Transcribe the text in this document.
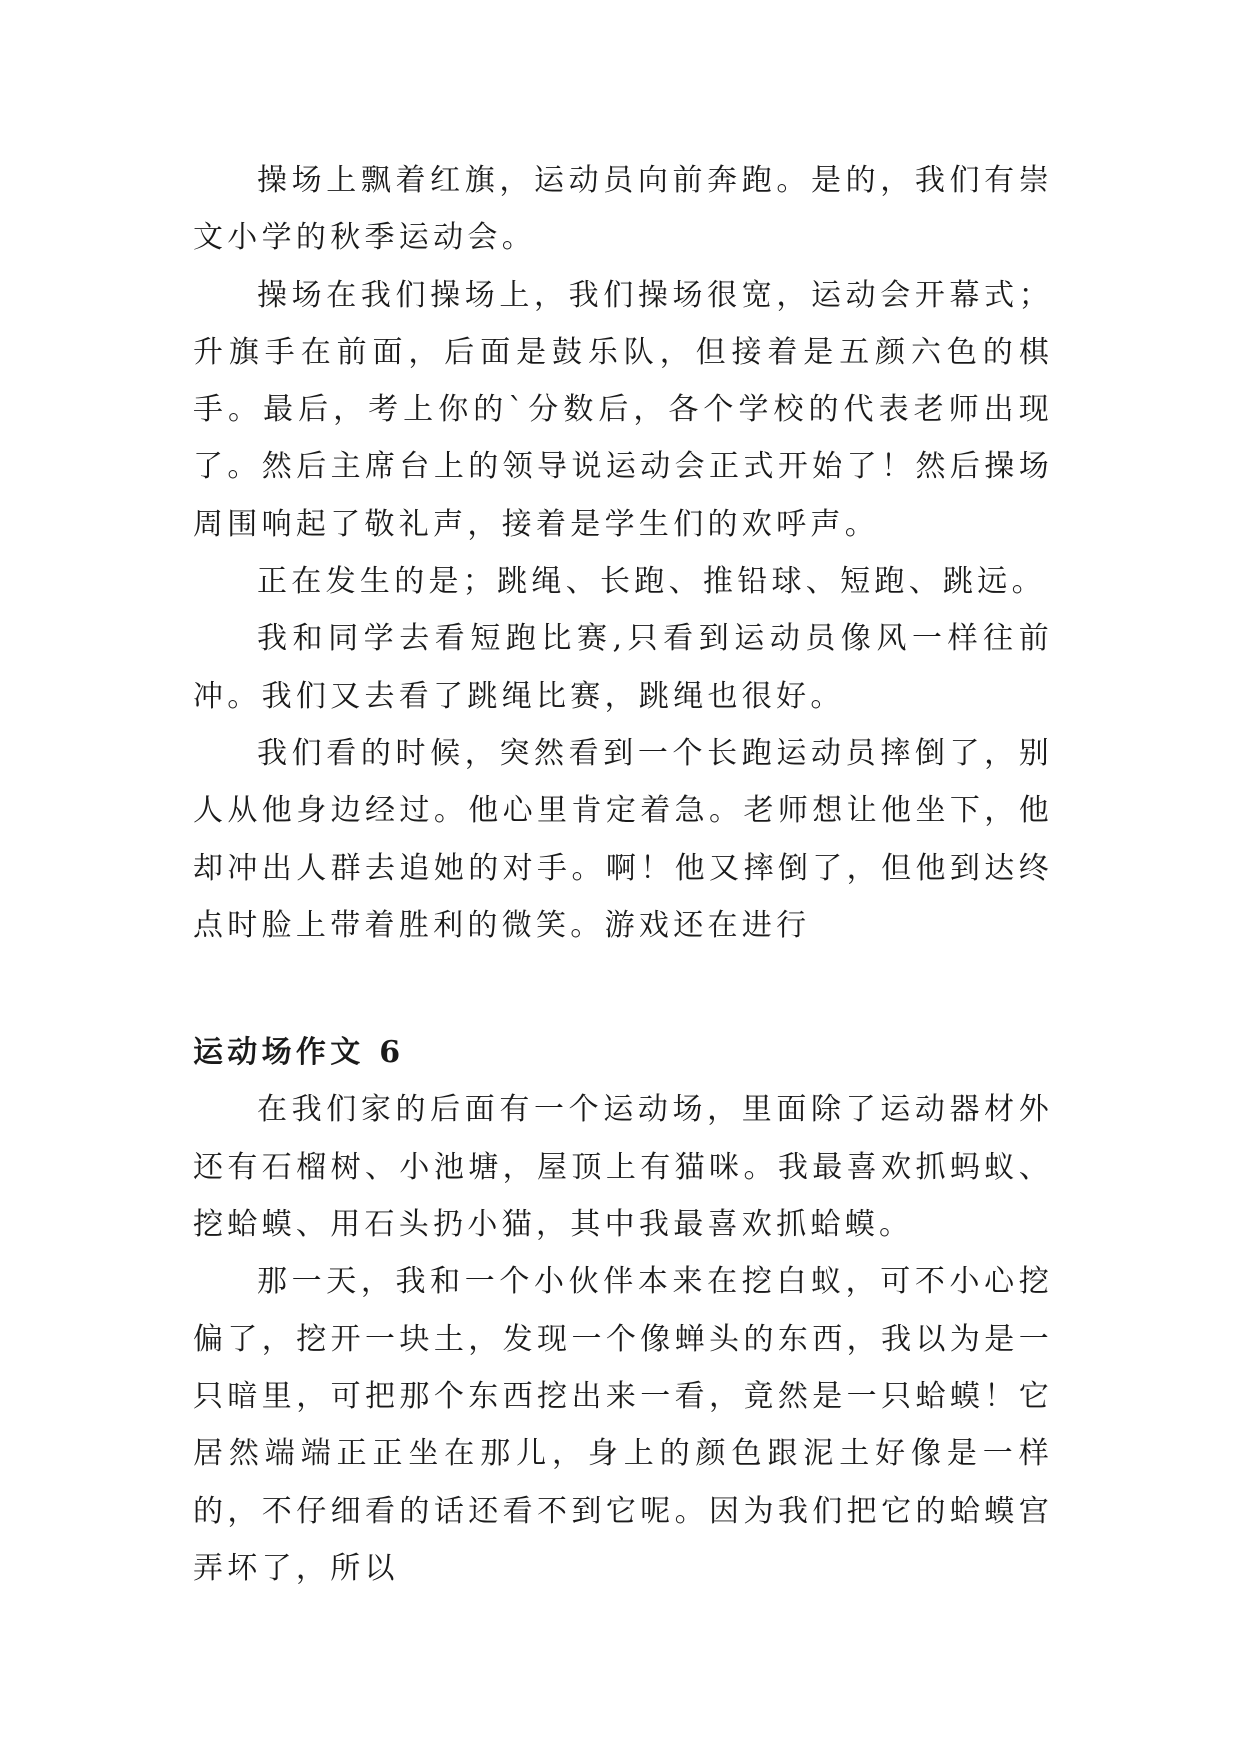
操场上飘着红旗，运动员向前奔跑。是的，我们有崇文小学的秋季运动会。

操场在我们操场上，我们操场很宽，运动会开幕式；升旗手在前面，后面是鼓乐队，但接着是五颜六色的棋手。最后，考上你的`分数后，各个学校的代表老师出现了。然后主席台上的领导说运动会正式开始了！然后操场周围响起了敬礼声，接着是学生们的欢呼声。

正在发生的是；跳绳、长跑、推铅球、短跑、跳远。

我和同学去看短跑比赛,只看到运动员像风一样往前冲。我们又去看了跳绳比赛，跳绳也很好。

我们看的时候，突然看到一个长跑运动员摔倒了，别人从他身边经过。他心里肯定着急。老师想让他坐下，他却冲出人群去追她的对手。啊！他又摔倒了，但他到达终点时脸上带着胜利的微笑。游戏还在进行

运动场作文 6

在我们家的后面有一个运动场，里面除了运动器材外还有石榴树、小池塘，屋顶上有猫咪。我最喜欢抓蚂蚁、挖蛤蟆、用石头扔小猫，其中我最喜欢抓蛤蟆。

那一天，我和一个小伙伴本来在挖白蚁，可不小心挖偏了，挖开一块土，发现一个像蝉头的东西，我以为是一只暗里，可把那个东西挖出来一看，竟然是一只蛤蟆！它居然端端正正坐在那儿，身上的颜色跟泥土好像是一样的，不仔细看的话还看不到它呢。因为我们把它的蛤蟆宫弄坏了，所以
